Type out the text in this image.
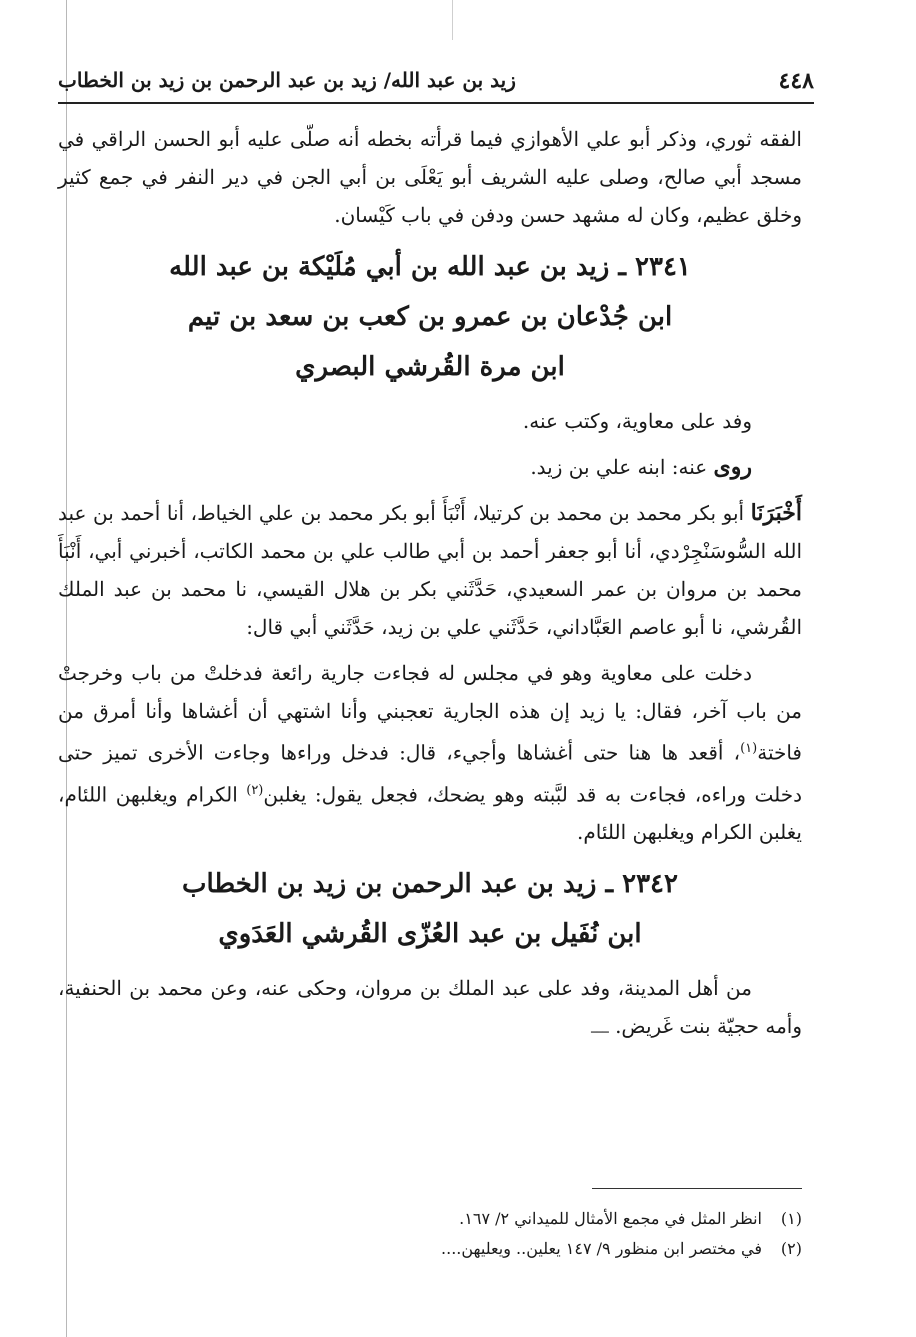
٤٤٨
زيد بن عبد الله/ زيد بن عبد الرحمن بن زيد بن الخطاب

الفقه ثوري، وذكر أبو علي الأهوازي فيما قرأته بخطه أنه صلّى عليه أبو الحسن الراقي في مسجد أبي صالح، وصلى عليه الشريف أبو يَعْلَى بن أبي الجن في دير النفر في جمع كثير وخلق عظيم، وكان له مشهد حسن ودفن في باب كَيْسان.

٢٣٤١ ـ زيد بن عبد الله بن أبي مُلَيْكة بن عبد الله
ابن جُدْعان بن عمرو بن كعب بن سعد بن تيم
ابن مرة القُرشي البصري

وفد على معاوية، وكتب عنه.

روى عنه: ابنه علي بن زيد.

أَخْبَرَنَا أبو بكر محمد بن محمد بن كرتيلا، أَنْبَأَ أبو بكر محمد بن علي الخياط، أنا أحمد بن عبد الله السُّوسَنْجِرْدي، أنا أبو جعفر أحمد بن أبي طالب علي بن محمد الكاتب، أخبرني أبي، أَنْبَأَ محمد بن مروان بن عمر السعيدي، حَدَّثَني بكر بن هلال القيسي، نا محمد بن عبد الملك القُرشي، نا أبو عاصم العَبَّاداني، حَدَّثَني علي بن زيد، حَدَّثَني أبي قال:

دخلت على معاوية وهو في مجلس له فجاءت جارية رائعة فدخلتْ من باب وخرجتْ من باب آخر، فقال: يا زيد إن هذه الجارية تعجبني وأنا اشتهي أن أغشاها وأنا أمرق من فاختة$^{(١)}$، أقعد ها هنا حتى أغشاها وأجيء، قال: فدخل وراءها وجاءت الأخرى تميز حتى دخلت وراءه، فجاءت به قد لبَّبته وهو يضحك، فجعل يقول: يغلبن$^{(٢)}$ الكرام ويغلبهن اللئام، يغلبن الكرام ويغلبهن اللئام.

٢٣٤٢ ـ زيد بن عبد الرحمن بن زيد بن الخطاب
ابن نُفَيل بن عبد العُزّى القُرشي العَدَوي

من أهل المدينة، وفد على عبد الملك بن مروان، وحكى عنه، وعن محمد بن الحنفية، وأمه حجيّة بنت غَريض. ـــ

(١)انظر المثل في مجمع الأمثال للميداني ٢/ ١٦٧.
(٢)في مختصر ابن منظور ٩/ ١٤٧ يعلين.. ويعليهن....
